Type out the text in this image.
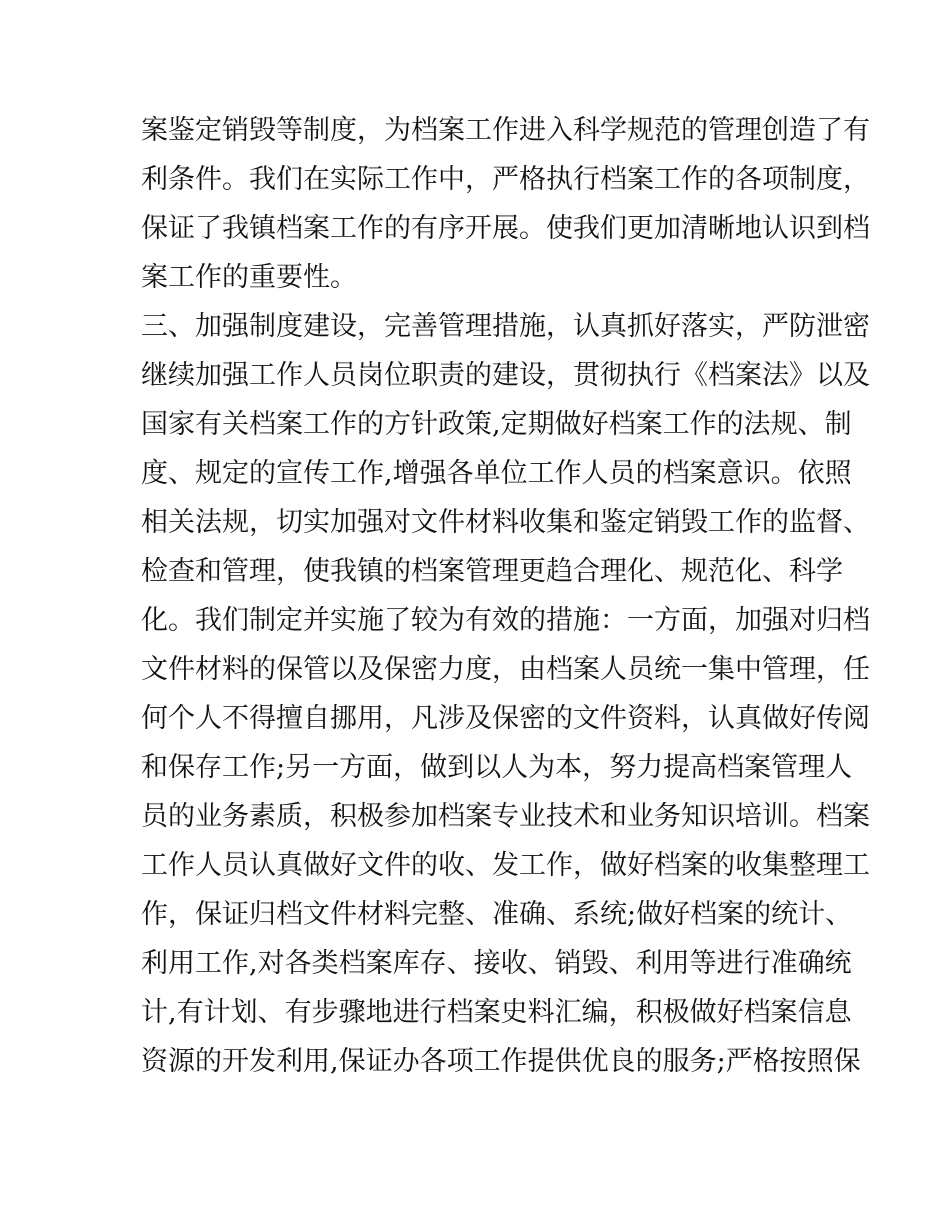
案鉴定销毁等制度，为档案工作进入科学规范的管理创造了有
利条件。我们在实际工作中，严格执行档案工作的各项制度，
保证了我镇档案工作的有序开展。使我们更加清晰地认识到档
案工作的重要性。
三、加强制度建设，完善管理措施，认真抓好落实，严防泄密
继续加强工作人员岗位职责的建设，贯彻执行《档案法》以及
国家有关档案工作的方针政策,定期做好档案工作的法规、制
度、规定的宣传工作,增强各单位工作人员的档案意识。依照
相关法规，切实加强对文件材料收集和鉴定销毁工作的监督、
检查和管理，使我镇的档案管理更趋合理化、规范化、科学
化。我们制定并实施了较为有效的措施：一方面，加强对归档
文件材料的保管以及保密力度，由档案人员统一集中管理，任
何个人不得擅自挪用，凡涉及保密的文件资料，认真做好传阅
和保存工作;另一方面，做到以人为本，努力提高档案管理人
员的业务素质，积极参加档案专业技术和业务知识培训。档案
工作人员认真做好文件的收、发工作，做好档案的收集整理工
作，保证归档文件材料完整、准确、系统;做好档案的统计、
利用工作,对各类档案库存、接收、销毁、利用等进行准确统
计,有计划、有步骤地进行档案史料汇编，积极做好档案信息
资源的开发利用,保证办各项工作提供优良的服务;严格按照保
